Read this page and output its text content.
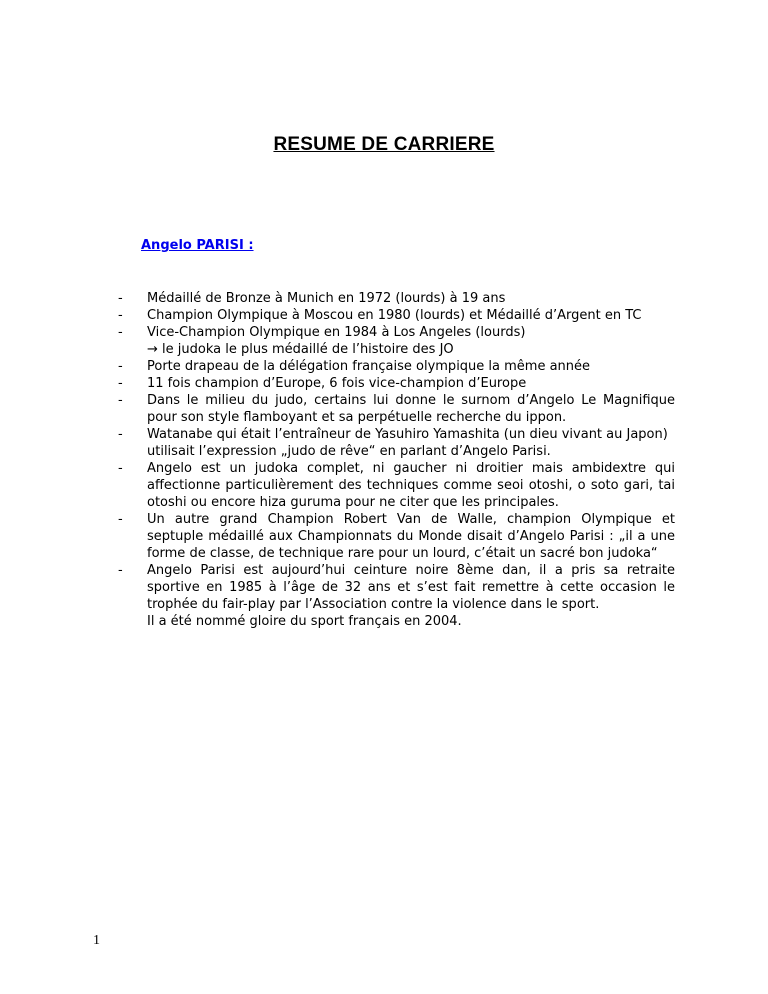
RESUME DE CARRIERE
Angelo PARISI :
-	Médaillé de Bronze à Munich en 1972 (lourds) à 19 ans
-	Champion Olympique à Moscou en 1980 (lourds) et Médaillé d’Argent en TC
-	Vice-Champion Olympique en 1984 à Los Angeles (lourds)
→ le judoka le plus médaillé de l’histoire des JO
-	Porte drapeau de la délégation française olympique la même année
-	11 fois champion d’Europe, 6 fois vice-champion d’Europe
-	Dans le milieu du judo, certains lui donne le surnom d’Angelo Le Magnifique pour son style flamboyant et sa perpétuelle recherche du ippon.
-	Watanabe qui était l’entraîneur de Yasuhiro Yamashita (un dieu vivant au Japon) utilisait l’expression „judo de rêve“ en parlant d’Angelo Parisi.
-	Angelo est un judoka complet, ni gaucher ni droitier mais ambidextre qui affectionne particulièrement des techniques comme seoi otoshi, o soto gari, tai otoshi ou encore hiza guruma pour ne citer que les principales.
-	Un autre grand Champion Robert Van de Walle, champion Olympique et septuple médaillé aux Championnats du Monde disait d’Angelo Parisi : „il a une forme de classe, de technique rare pour un lourd, c’était un sacré bon judoka“
-	Angelo Parisi est aujourd’hui ceinture noire 8ème dan, il a pris sa retraite sportive en 1985 à l’âge de 32 ans et s’est fait remettre à cette occasion le trophée du fair-play par l’Association contre la violence dans le sport.
Il a été nommé gloire du sport français en 2004.
1
